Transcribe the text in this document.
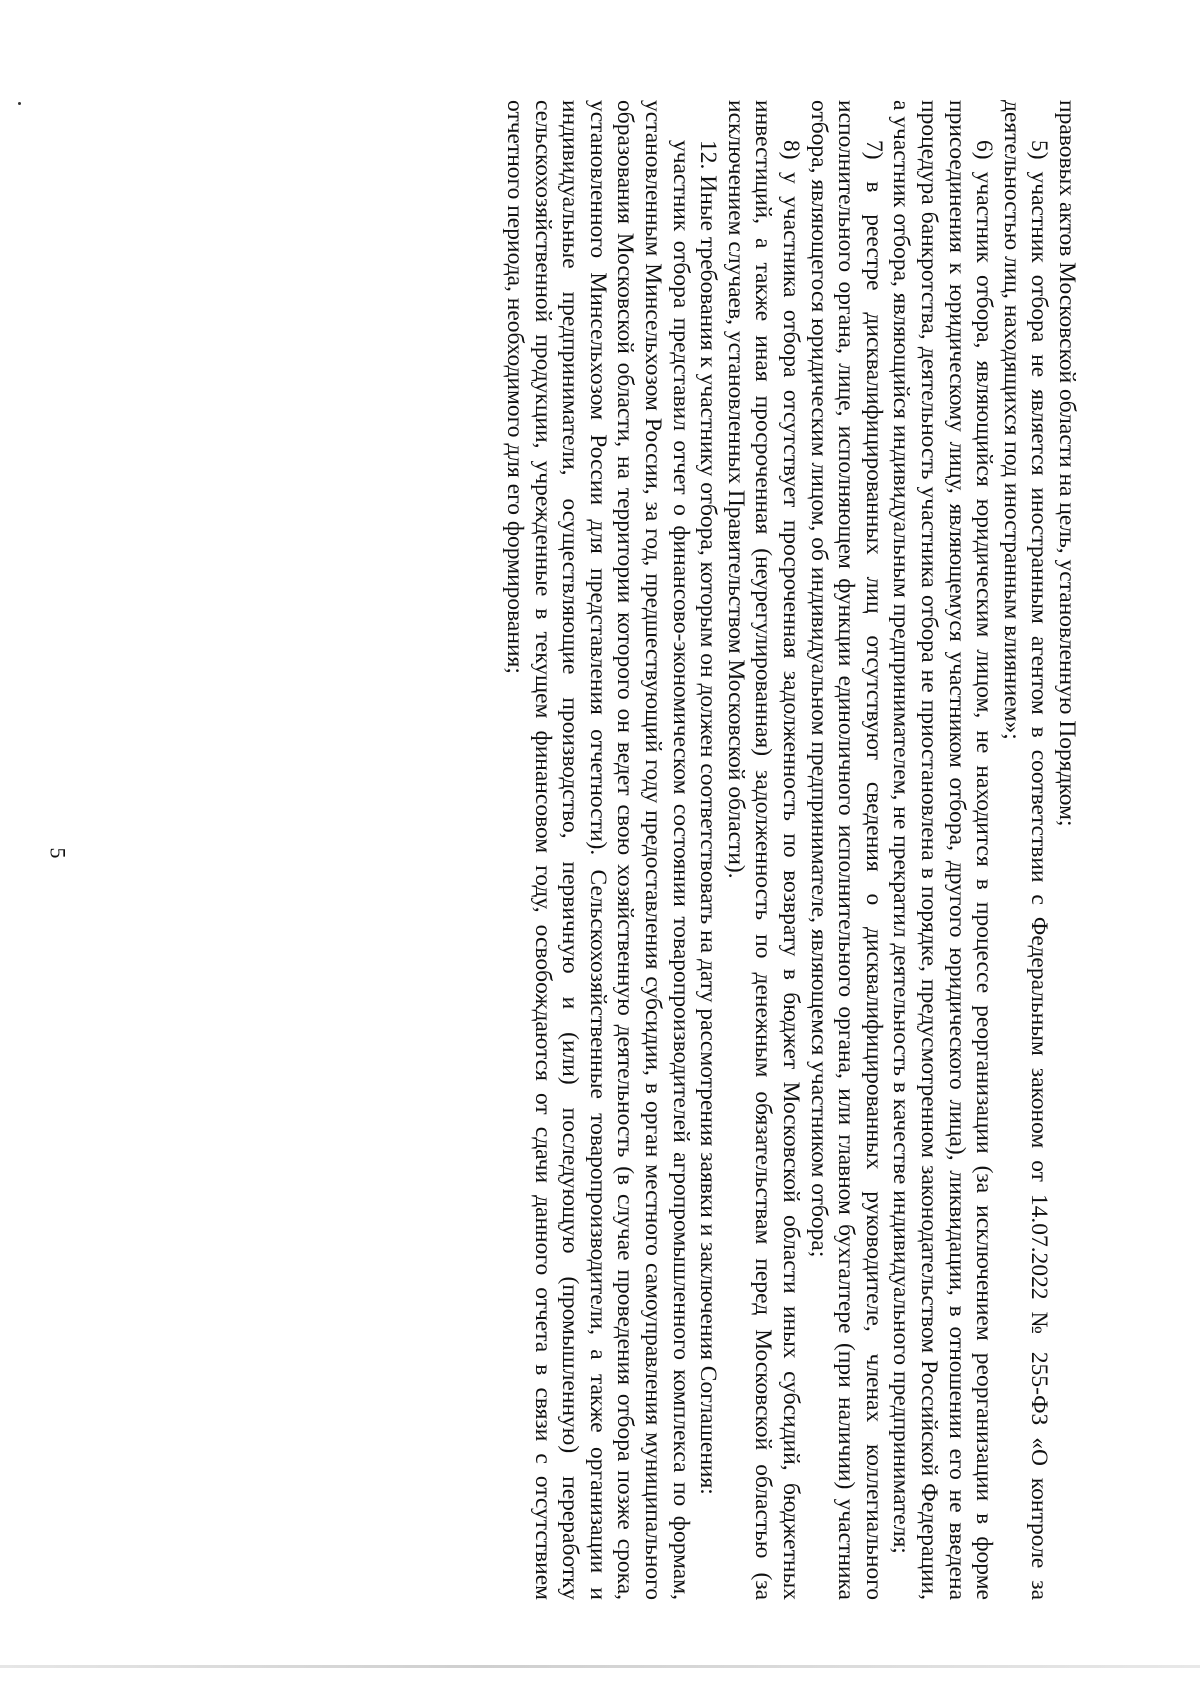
5

правовых актов Московской области на цель, установленную Порядком;

5) участник отбора не является иностранным агентом в соответствии с Федеральным законом от 14.07.2022 № 255-ФЗ «О контроле за деятельностью лиц, находящихся под иностранным влиянием»;

6) участник отбора, являющийся юридическим лицом, не находится в процессе реорганизации (за исключением реорганизации в форме присоединения к юридическому лицу, являющемуся участником отбора, другого юридического лица), ликвидации, в отношении его не введена процедура банкротства, деятельность участника отбора не приостановлена в порядке, предусмотренном законодательством Российской Федерации, а участник отбора, являющийся индивидуальным предпринимателем, не прекратил деятельность в качестве индивидуального предпринимателя;

7) в реестре дисквалифицированных лиц отсутствуют сведения о дисквалифицированных руководителе, членах коллегиального исполнительного органа, лице, исполняющем функции единоличного исполнительного органа, или главном бухгалтере (при наличии) участника отбора, являющегося юридическим лицом, об индивидуальном предпринимателе, являющемся участником отбора;

8) у участника отбора отсутствует просроченная задолженность по возврату в бюджет Московской области иных субсидий, бюджетных инвестиций, а также иная просроченная (неурегулированная) задолженность по денежным обязательствам перед Московской областью (за исключением случаев, установленных Правительством Московской области).

12. Иные требования к участнику отбора, которым он должен соответствовать на дату рассмотрения заявки и заключения Соглашения:

участник отбора представил отчет о финансово-экономическом состоянии товаропроизводителей агропромышленного комплекса по формам, установленным Минсельхозом России, за год, предшествующий году предоставления субсидии, в орган местного самоуправления муниципального образования Московской области, на территории которого он ведет свою хозяйственную деятельность (в случае проведения отбора позже срока, установленного Минсельхозом России для представления отчетности). Сельскохозяйственные товаропроизводители, а также организации и индивидуальные предприниматели, осуществляющие производство, первичную и (или) последующую (промышленную) переработку сельскохозяйственной продукции, учрежденные в текущем финансовом году, освобождаются от сдачи данного отчета в связи с отсутствием отчетного периода, необходимого для его формирования;
